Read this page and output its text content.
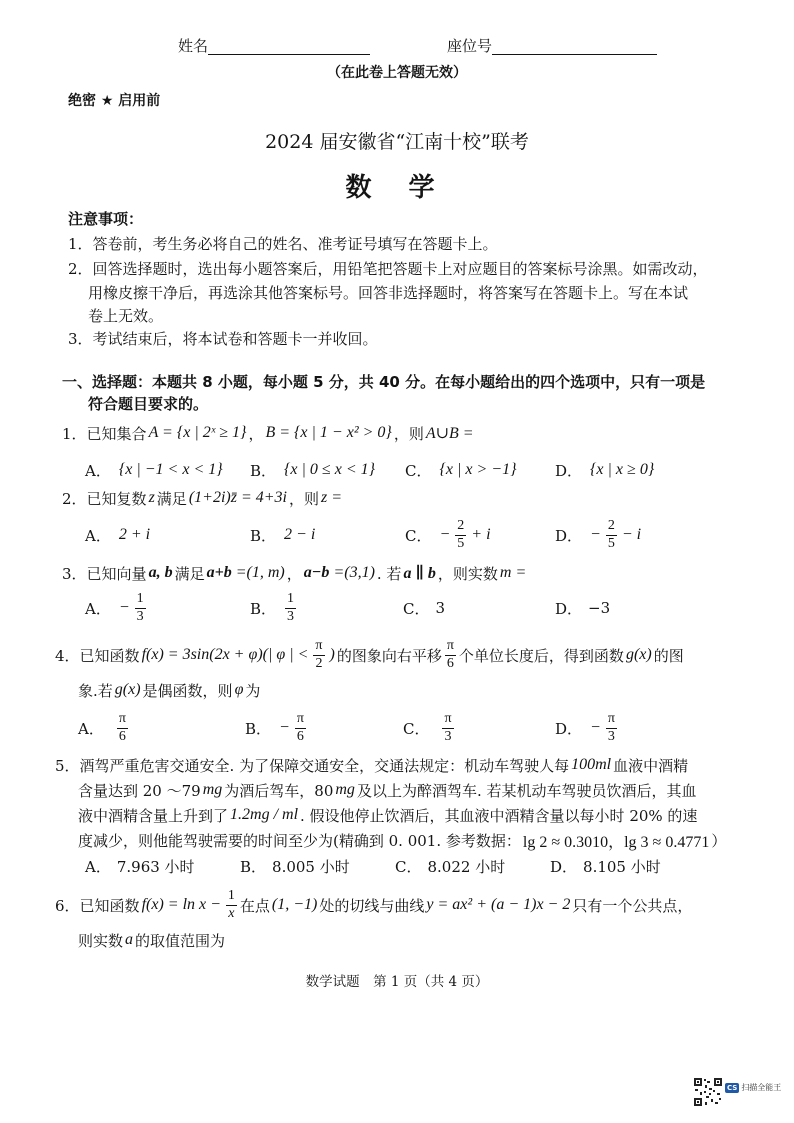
姓名	座位号
（在此卷上答题无效）
绝密 ★ 启用前
2024 届安徽省“江南十校”联考
数 学
注意事项：
1．答卷前，考生务必将自己的姓名、准考证号填写在答题卡上。
2．回答选择题时，选出每小题答案后，用铅笔把答题卡上对应题目的答案标号涂黑。如需改动，
用橡皮擦干净后，再选涂其他答案标号。回答非选择题时，将答案写在答题卡上。写在本试
卷上无效。
3．考试结束后，将本试卷和答题卡一并收回。
一、选择题：本题共 8 小题，每小题 5 分，共 40 分。在每小题给出的四个选项中，只有一项是
符合题目要求的。
1． 已知集合 A = {x | 2ˣ ≥ 1} ， B = {x | 1 − x² > 0} ，则 A∪B =
A． {x | −1 < x < 1} B． {x | 0 ≤ x < 1} C． {x | x > −1}	D． {x | x ≥ 0}
2． 已知复数 z 满足 (1+2i)z̄ = 4+3i ，则 z =
A． 2 + i	B． 2 − i	C． − $\frac{2}{5} + i$	D． − $\frac{2}{5} - i$
3． 已知向量 a, b 满足 a+b =(1, m) ， a−b =(3,1) . 若 a ∥ b ，则实数 m =
A． − $\frac{1}{3}$	B． $\frac{1}{3}$	C． 3	D． −3
4． 已知函数 f(x) = 3sin(2x + φ)(| φ | < $\frac{\pi}{2}$ ) 的图象向右平移 $\frac{\pi}{6}$ 个单位长度后，得到函数 g(x) 的图
象.若 g(x) 是偶函数，则 φ 为
A． $\frac{\pi}{6}$	B． − $\frac{\pi}{6}$	C． $\frac{\pi}{3}$	D． − $\frac{\pi}{3}$
5． 酒驾严重危害交通安全. 为了保障交通安全，交通法规定：机动车驾驶人每 100ml 血液中酒精
含量达到 20 ～79 mg 为酒后驾车，80 mg 及以上为醉酒驾车. 若某机动车驾驶员饮酒后，其血
液中酒精含量上升到了 1.2mg / ml . 假设他停止饮酒后，其血液中酒精含量以每小时 20% 的速
度减少，则他能驾驶需要的时间至少为(精确到 0. 001. 参考数据： lg 2 ≈ 0.3010，lg 3 ≈ 0.4771 ）
A． 7.963 小时	B． 8.005 小时	C． 8.022 小时	D． 8.105 小时
6． 已知函数 $f(x) = \ln x - \frac{1}{x}$ 在点 (1, −1) 处的切线与曲线 y = ax² + (a − 1)x − 2 只有一个公共点，
则实数 a 的取值范围为
数学试题　第 1 页（共 4 页）
CS 扫描全能王
